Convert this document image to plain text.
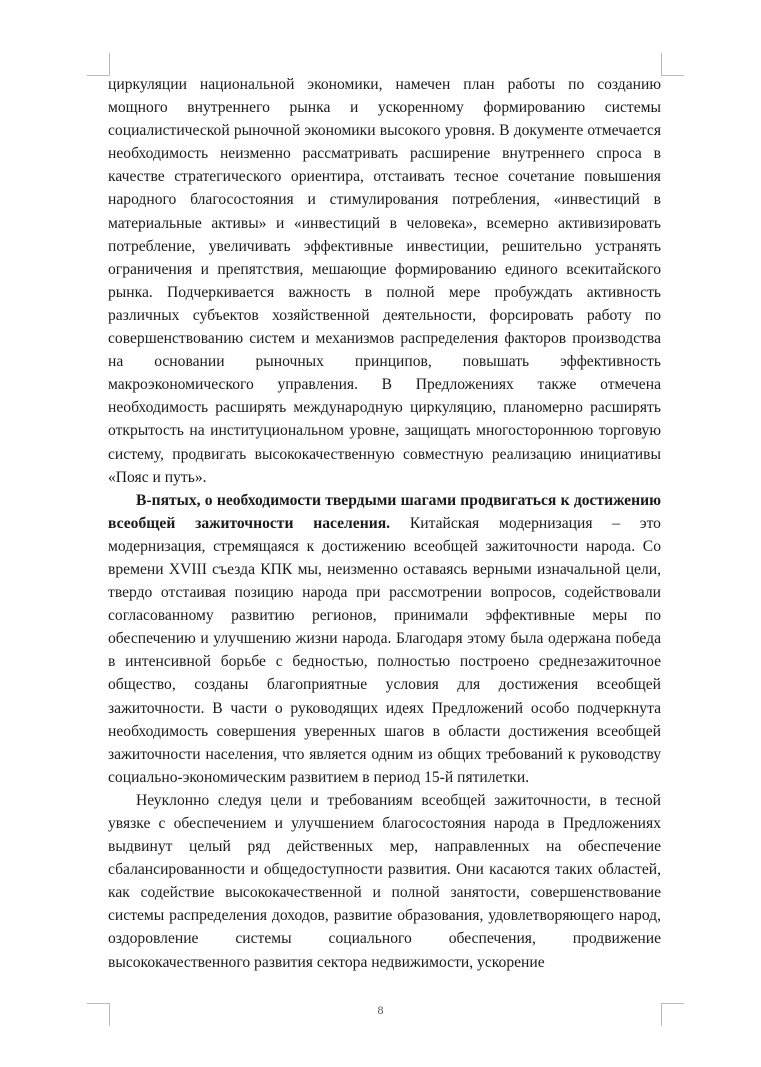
циркуляции национальной экономики, намечен план работы по созданию мощного внутреннего рынка и ускоренному формированию системы социалистической рыночной экономики высокого уровня. В документе отмечается необходимость неизменно рассматривать расширение внутреннего спроса в качестве стратегического ориентира, отстаивать тесное сочетание повышения народного благосостояния и стимулирования потребления, «инвестиций в материальные активы» и «инвестиций в человека», всемерно активизировать потребление, увеличивать эффективные инвестиции, решительно устранять ограничения и препятствия, мешающие формированию единого всекитайского рынка. Подчеркивается важность в полной мере пробуждать активность различных субъектов хозяйственной деятельности, форсировать работу по совершенствованию систем и механизмов распределения факторов производства на основании рыночных принципов, повышать эффективность макроэкономического управления. В Предложениях также отмечена необходимость расширять международную циркуляцию, планомерно расширять открытость на институциональном уровне, защищать многостороннюю торговую систему, продвигать высококачественную совместную реализацию инициативы «Пояс и путь».

В-пятых, о необходимости твердыми шагами продвигаться к достижению всеобщей зажиточности населения. Китайская модернизация – это модернизация, стремящаяся к достижению всеобщей зажиточности народа. Со времени XVIII съезда КПК мы, неизменно оставаясь верными изначальной цели, твердо отстаивая позицию народа при рассмотрении вопросов, содействовали согласованному развитию регионов, принимали эффективные меры по обеспечению и улучшению жизни народа. Благодаря этому была одержана победа в интенсивной борьбе с бедностью, полностью построено среднезажиточное общество, созданы благоприятные условия для достижения всеобщей зажиточности. В части о руководящих идеях Предложений особо подчеркнута необходимость совершения уверенных шагов в области достижения всеобщей зажиточности населения, что является одним из общих требований к руководству социально-экономическим развитием в период 15-й пятилетки.

Неуклонно следуя цели и требованиям всеобщей зажиточности, в тесной увязке с обеспечением и улучшением благосостояния народа в Предложениях выдвинут целый ряд действенных мер, направленных на обеспечение сбалансированности и общедоступности развития. Они касаются таких областей, как содействие высококачественной и полной занятости, совершенствование системы распределения доходов, развитие образования, удовлетворяющего народ, оздоровление системы социального обеспечения, продвижение высококачественного развития сектора недвижимости, ускорение

8
